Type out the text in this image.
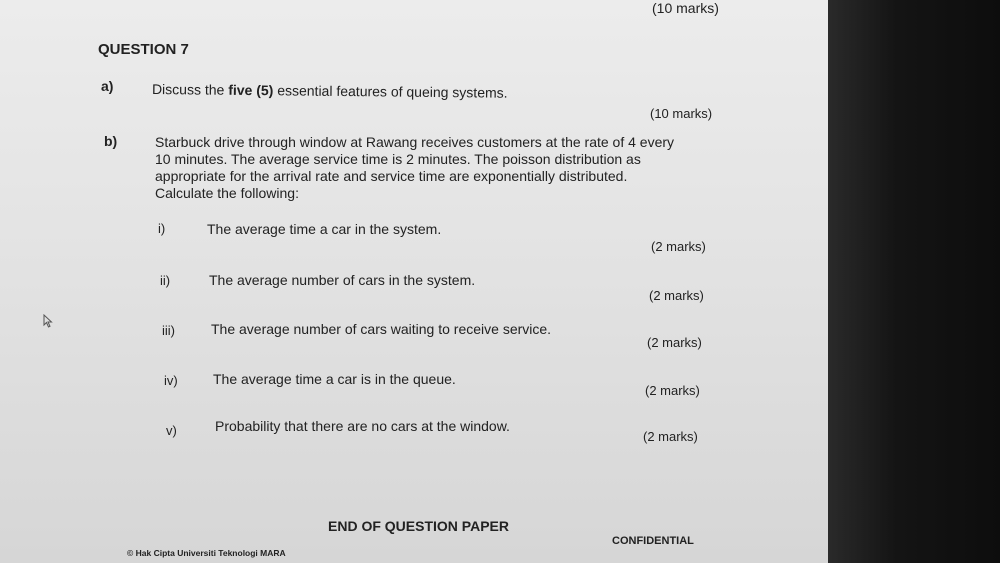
(10 marks)
QUESTION 7
a)	Discuss the five (5) essential features of queing systems.
(10 marks)
b)	Starbuck drive through window at Rawang receives customers at the rate of 4 every
10 minutes. The average service time is 2 minutes. The poisson distribution as
appropriate for the arrival rate and service time are exponentially distributed.
Calculate the following:
i)	The average time a car in the system.
(2 marks)
ii)	The average number of cars in the system.
(2 marks)
iii)	The average number of cars waiting to receive service.
(2 marks)
iv)	The average time a car is in the queue.
(2 marks)
v)	Probability that there are no cars at the window.
(2 marks)
END OF QUESTION PAPER
© Hak Cipta Universiti Teknologi MARA
CONFIDENTIAL
